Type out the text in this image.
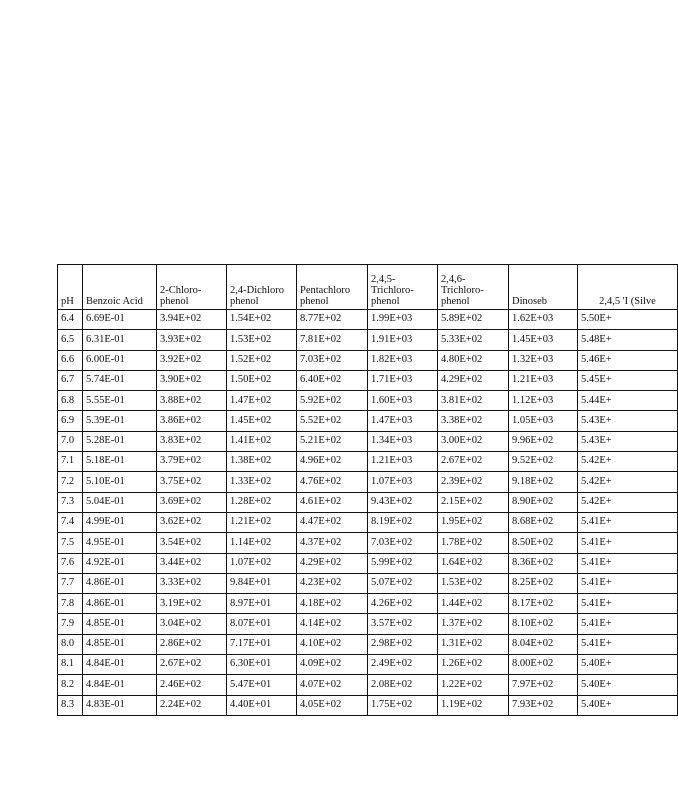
pH	Benzoic Acid	2-Chloro-phenol	2,4-Dichloro phenol	Pentachloro phenol	2,4,5-Trichloro-phenol	2,4,6-Trichloro-phenol	Dinoseb	2,4,5 'I (Silve
6.4	6.69E-01	3.94E+02	1.54E+02	8.77E+02	1.99E+03	5.89E+02	1.62E+03	5.50E+
6.5	6.31E-01	3.93E+02	1.53E+02	7.81E+02	1.91E+03	5.33E+02	1.45E+03	5.48E+
6.6	6.00E-01	3.92E+02	1.52E+02	7.03E+02	1.82E+03	4.80E+02	1.32E+03	5.46E+
6.7	5.74E-01	3.90E+02	1.50E+02	6.40E+02	1.71E+03	4.29E+02	1.21E+03	5.45E+
6.8	5.55E-01	3.88E+02	1.47E+02	5.92E+02	1.60E+03	3.81E+02	1.12E+03	5.44E+
6.9	5.39E-01	3.86E+02	1.45E+02	5.52E+02	1.47E+03	3.38E+02	1.05E+03	5.43E+
7.0	5.28E-01	3.83E+02	1.41E+02	5.21E+02	1.34E+03	3.00E+02	9.96E+02	5.43E+
7.1	5.18E-01	3.79E+02	1.38E+02	4.96E+02	1.21E+03	2.67E+02	9.52E+02	5.42E+
7.2	5.10E-01	3.75E+02	1.33E+02	4.76E+02	1.07E+03	2.39E+02	9.18E+02	5.42E+
7.3	5.04E-01	3.69E+02	1.28E+02	4.61E+02	9.43E+02	2.15E+02	8.90E+02	5.42E+
7.4	4.99E-01	3.62E+02	1.21E+02	4.47E+02	8.19E+02	1.95E+02	8.68E+02	5.41E+
7.5	4.95E-01	3.54E+02	1.14E+02	4.37E+02	7.03E+02	1.78E+02	8.50E+02	5.41E+
7.6	4.92E-01	3.44E+02	1.07E+02	4.29E+02	5.99E+02	1.64E+02	8.36E+02	5.41E+
7.7	4.86E-01	3.33E+02	9.84E+01	4.23E+02	5.07E+02	1.53E+02	8.25E+02	5.41E+
7.8	4.86E-01	3.19E+02	8.97E+01	4.18E+02	4.26E+02	1.44E+02	8.17E+02	5.41E+
7.9	4.85E-01	3.04E+02	8.07E+01	4.14E+02	3.57E+02	1.37E+02	8.10E+02	5.41E+
8.0	4.85E-01	2.86E+02	7.17E+01	4.10E+02	2.98E+02	1.31E+02	8.04E+02	5.41E+
8.1	4.84E-01	2.67E+02	6.30E+01	4.09E+02	2.49E+02	1.26E+02	8.00E+02	5.40E+
8.2	4.84E-01	2.46E+02	5.47E+01	4.07E+02	2.08E+02	1.22E+02	7.97E+02	5.40E+
8.3	4.83E-01	2.24E+02	4.40E+01	4.05E+02	1.75E+02	1.19E+02	7.93E+02	5.40E+
